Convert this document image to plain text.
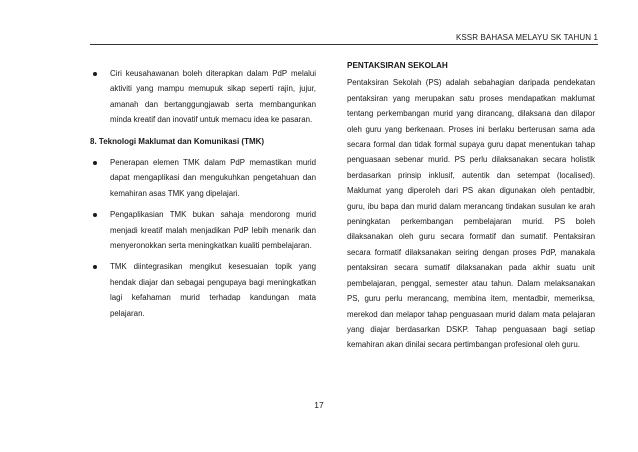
KSSR BAHASA MELAYU SK TAHUN 1

Ciri keusahawanan boleh diterapkan dalam PdP melalui aktiviti yang mampu memupuk sikap seperti rajin, jujur, amanah dan bertanggungjawab serta membangunkan minda kreatif dan inovatif untuk memacu idea ke pasaran.

8. Teknologi Maklumat dan Komunikasi (TMK)

Penerapan elemen TMK dalam PdP memastikan murid dapat mengaplikasi dan mengukuhkan pengetahuan dan kemahiran asas TMK yang dipelajari.

Pengaplikasian TMK bukan sahaja mendorong murid menjadi kreatif malah menjadikan PdP lebih menarik dan menyeronokkan serta meningkatkan kualiti pembelajaran.

TMK diintegrasikan mengikut kesesuaian topik yang hendak diajar dan sebagai pengupaya bagi meningkatkan lagi kefahaman murid terhadap kandungan mata pelajaran.

PENTAKSIRAN SEKOLAH

Pentaksiran Sekolah (PS) adalah sebahagian daripada pendekatan pentaksiran yang merupakan satu proses mendapatkan maklumat tentang perkembangan murid yang dirancang, dilaksana dan dilapor oleh guru yang berkenaan. Proses ini berlaku berterusan sama ada secara formal dan tidak formal supaya guru dapat menentukan tahap penguasaan sebenar murid. PS perlu dilaksanakan secara holistik berdasarkan prinsip inklusif, autentik dan setempat (localised). Maklumat yang diperoleh dari PS akan digunakan oleh pentadbir, guru, ibu bapa dan murid dalam merancang tindakan susulan ke arah peningkatan perkembangan pembelajaran murid. PS boleh dilaksanakan oleh guru secara formatif dan sumatif. Pentaksiran secara formatif dilaksanakan seiring dengan proses PdP, manakala pentaksiran secara sumatif dilaksanakan pada akhir suatu unit pembelajaran, penggal, semester atau tahun. Dalam melaksanakan PS, guru perlu merancang, membina item, mentadbir, memeriksa, merekod dan melapor tahap penguasaan murid dalam mata pelajaran yang diajar berdasarkan DSKP. Tahap penguasaan bagi setiap kemahiran akan dinilai secara pertimbangan profesional oleh guru.

17
